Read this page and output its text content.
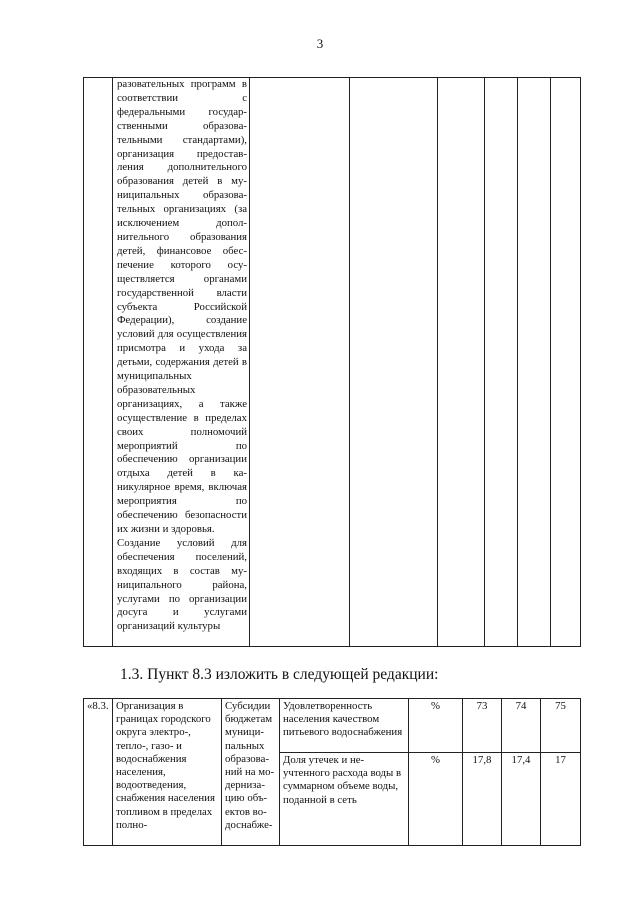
3

разовательных программ в соответствии с федеральными государственными образовательными стандартами), организация предоставления дополнительного образования детей в муниципальных образовательных организациях (за исключением дополнительного образования детей, финансовое обеспечение которого осуществляется органами государственной власти субъекта Российской Федерации), создание условий для осуществления присмотра и ухода за детьми, содержания детей в муниципальных образовательных организациях, а также осуществление в пределах своих полномочий мероприятий по обеспечению организации отдыха детей в каникулярное время, включая мероприятия по обеспечению безопасности их жизни и здоровья.

Создание условий для обеспечения поселений, входящих в состав муниципального района, услугами по организации досуга и услугами организаций культуры

1.3. Пункт 8.3 изложить в следующей редакции:
«8.3.	Организация в границах городского округа электро-, тепло-, газо- и водоснабжения населения, водоотведения, снабжения населения топливом в пределах полно-	Субсидии бюджетам муниципальных образований на модернизацию объектов водоснабже-	Удовлетворенность населения качеством питьевого водоснабжения	%	73	74	75
			Доля утечек и неучтенного расхода воды в суммарном объеме воды, поданной в сеть	%	17,8	17,4	17
